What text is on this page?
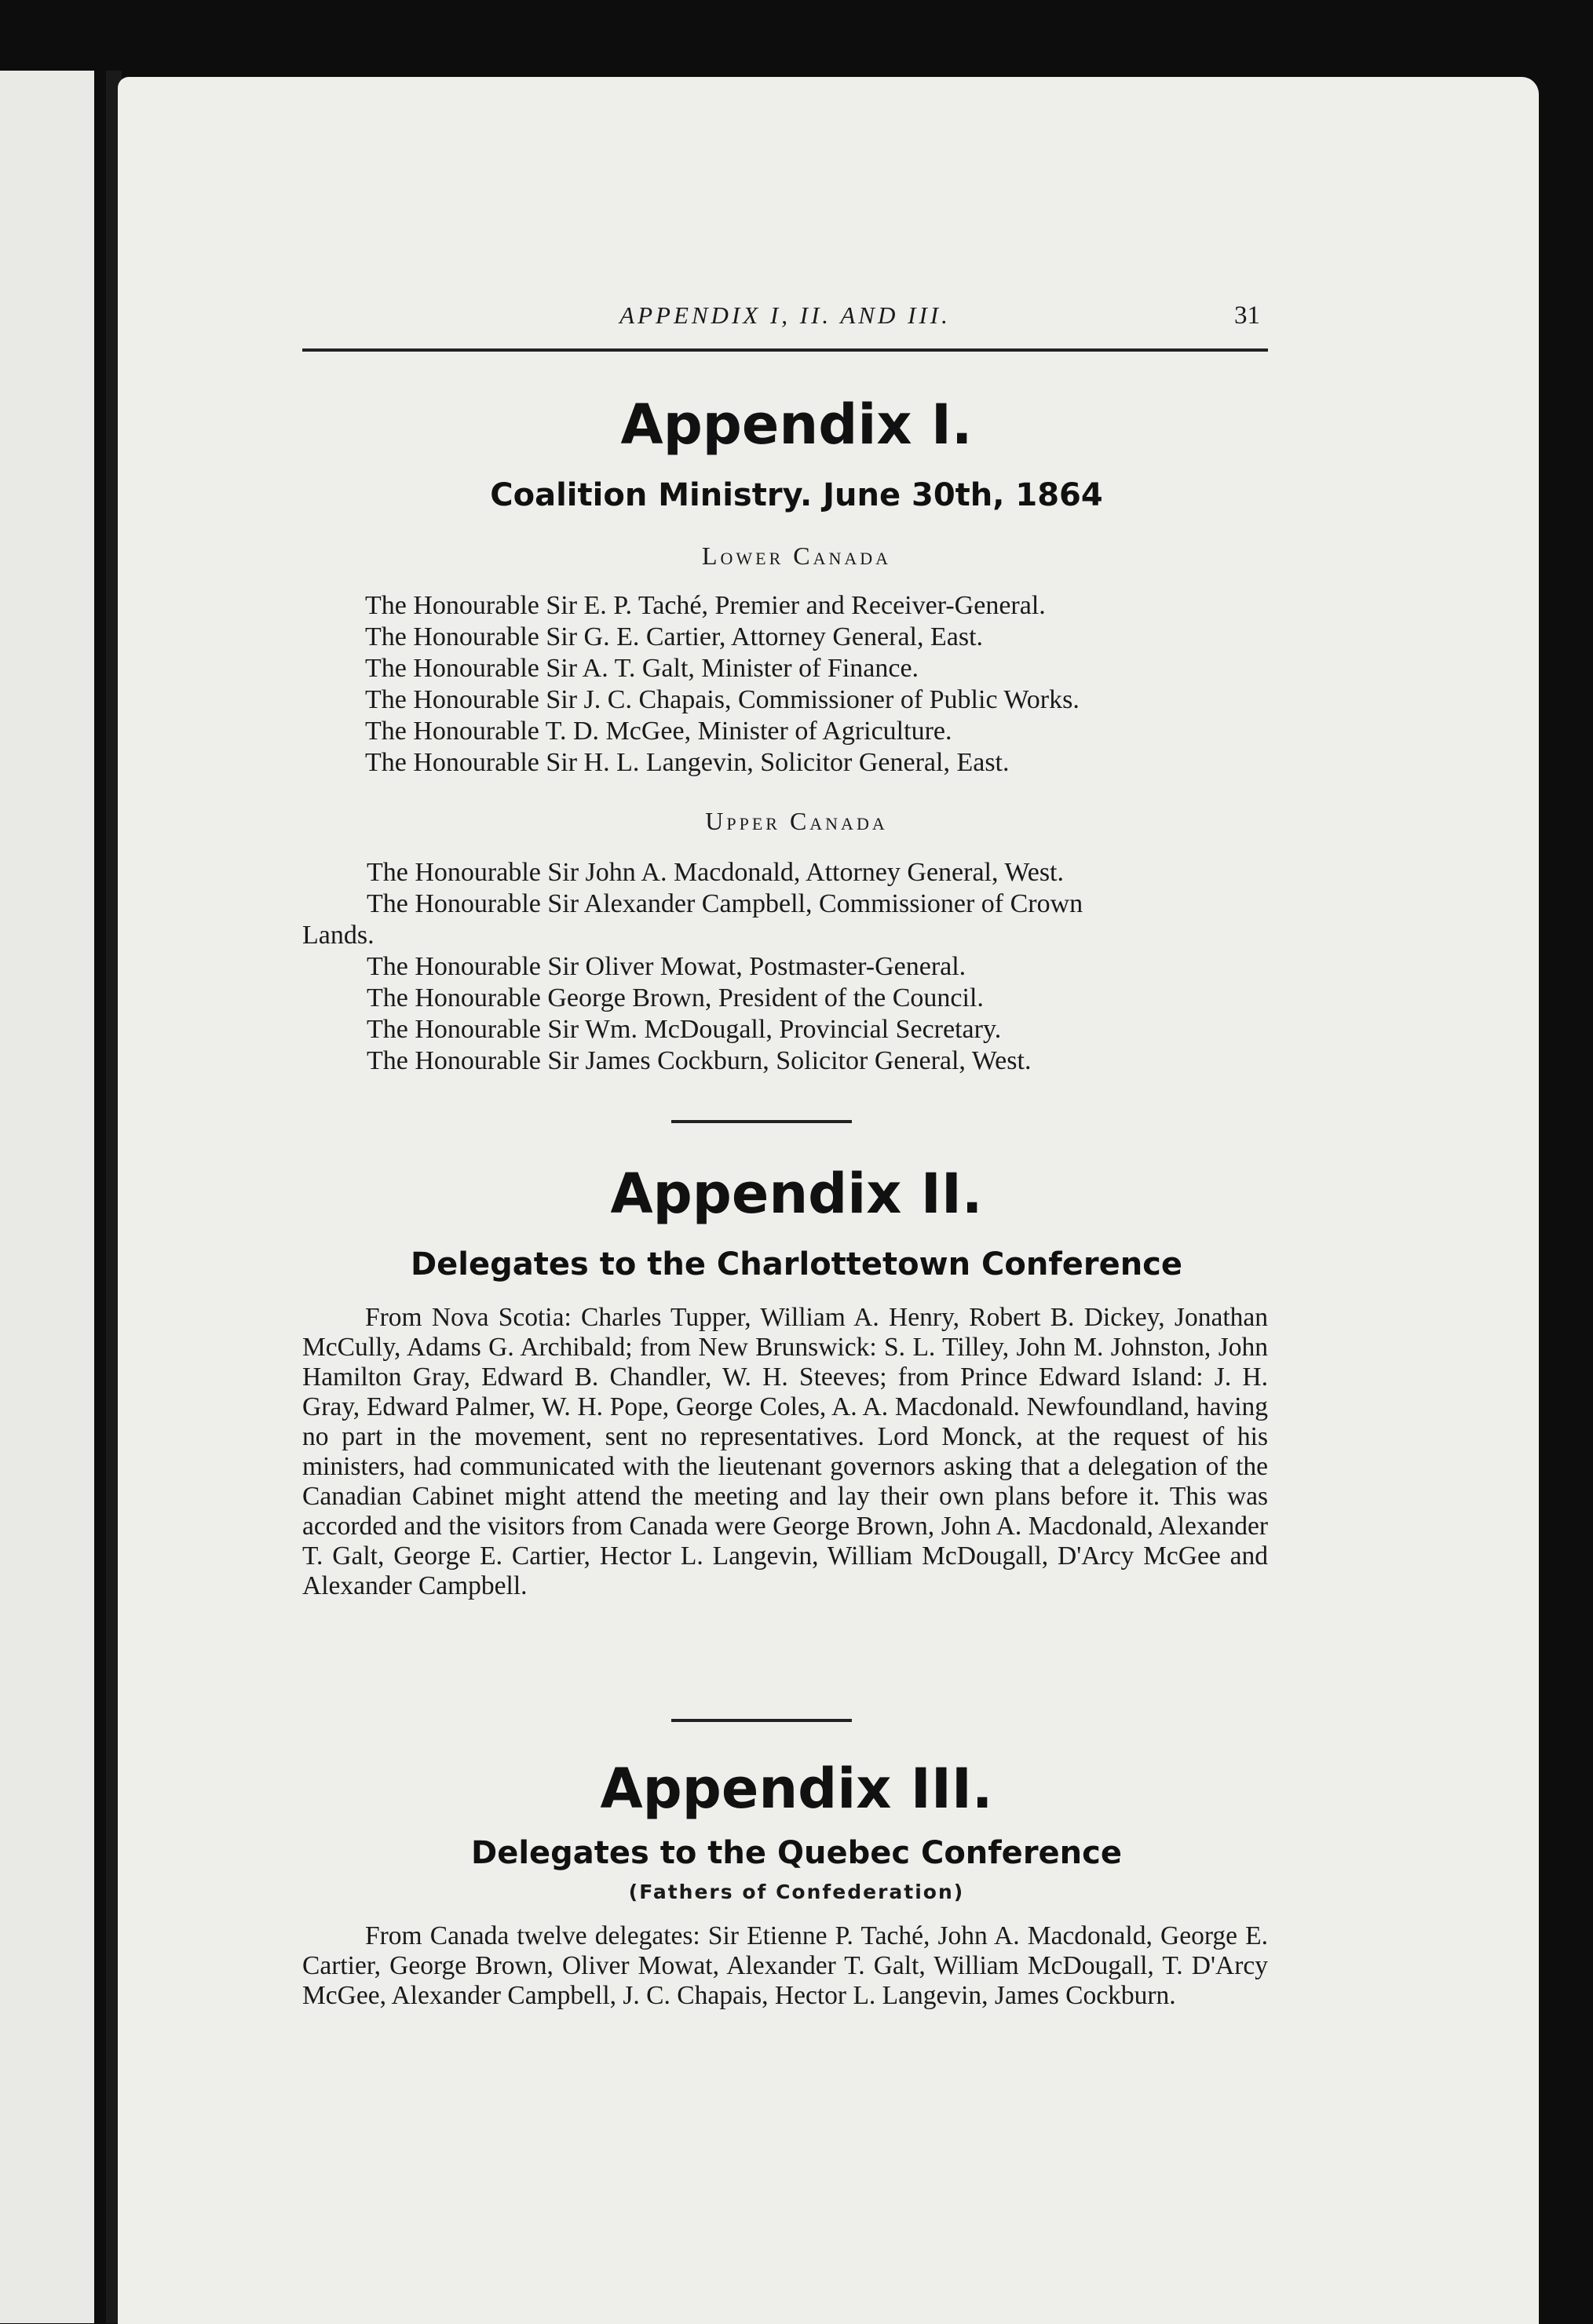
APPENDIX I, II. AND III.	31
Appendix I.
Coalition Ministry. June 30th, 1864
Lower Canada
The Honourable Sir E. P. Taché, Premier and Receiver-General.
The Honourable Sir G. E. Cartier, Attorney General, East.
The Honourable Sir A. T. Galt, Minister of Finance.
The Honourable Sir J. C. Chapais, Commissioner of Public Works.
The Honourable T. D. McGee, Minister of Agriculture.
The Honourable Sir H. L. Langevin, Solicitor General, East.
Upper Canada
The Honourable Sir John A. Macdonald, Attorney General, West.
The Honourable Sir Alexander Campbell, Commissioner of Crown
Lands.
The Honourable Sir Oliver Mowat, Postmaster-General.
The Honourable George Brown, President of the Council.
The Honourable Sir Wm. McDougall, Provincial Secretary.
The Honourable Sir James Cockburn, Solicitor General, West.
Appendix II.
Delegates to the Charlottetown Conference
From Nova Scotia: Charles Tupper, William A. Henry, Robert B. Dickey, Jonathan McCully, Adams G. Archibald; from New Brunswick: S. L. Tilley, John M. Johnston, John Hamilton Gray, Edward B. Chandler, W. H. Steeves; from Prince Edward Island: J. H. Gray, Edward Palmer, W. H. Pope, George Coles, A. A. Macdonald. Newfoundland, having no part in the movement, sent no representatives. Lord Monck, at the request of his ministers, had communicated with the lieutenant governors asking that a delegation of the Canadian Cabinet might attend the meeting and lay their own plans before it. This was accorded and the visitors from Canada were George Brown, John A. Macdonald, Alexander T. Galt, George E. Cartier, Hector L. Langevin, William McDougall, D'Arcy McGee and Alexander Campbell.
Appendix III.
Delegates to the Quebec Conference
(Fathers of Confederation)
From Canada twelve delegates: Sir Etienne P. Taché, John A. Macdonald, George E. Cartier, George Brown, Oliver Mowat, Alexander T. Galt, William McDougall, T. D'Arcy McGee, Alexander Campbell, J. C. Chapais, Hector L. Langevin, James Cockburn.
